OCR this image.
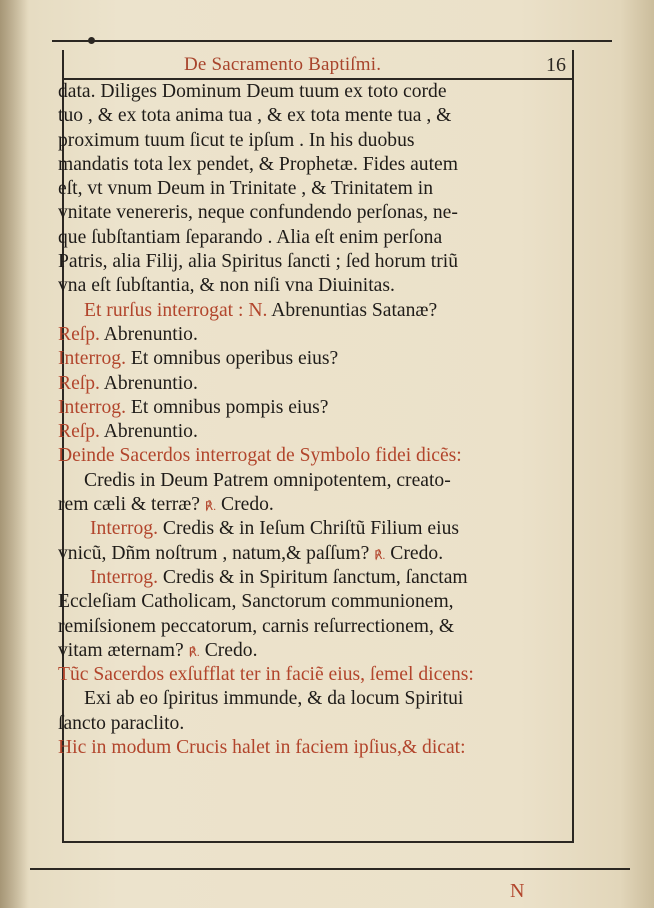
De Sacramento Baptiſmi.	16
data. Diliges Dominum Deum tuum ex toto corde
tuo , & ex tota anima tua , & ex tota mente tua , &
proximum tuum ſicut te ipſum . In his duobus
mandatis tota lex pendet, & Prophetæ. Fides autem
eſt, vt vnum Deum in Trinitate , & Trinitatem in
vnitate venereris, neque confundendo perſonas, ne-
que ſubſtantiam ſeparando . Alia eſt enim perſona
Patris, alia Filij, alia Spiritus ſancti ; ſed horum triũ
vna eſt ſubſtantia, & non niſi vna Diuinitas.
Et rurſus interrogat : N. Abrenuntias Satanæ?
Reſp. Abrenuntio.
Interrog. Et omnibus operibus eius?
Reſp. Abrenuntio.
Interrog. Et omnibus pompis eius?
Reſp. Abrenuntio.
Deinde Sacerdos interrogat de Symbolo fidei dicẽs:
Credis in Deum Patrem omnipotentem, creato-
rem cæli & terræ? ℟. Credo.
Interrog. Credis & in Ieſum Chriſtũ Filium eius
vnicũ, Dñm noſtrum , natum,& paſſum? ℟. Credo.
Interrog. Credis & in Spiritum ſanctum, ſanctam
Eccleſiam Catholicam, Sanctorum communionem,
remiſsionem peccatorum, carnis reſurrectionem, &
vitam æternam? ℟. Credo.
Tũc Sacerdos exſufflat ter in faciẽ eius, ſemel dicens:
Exi ab eo ſpiritus immunde, & da locum Spiritui
ſancto paraclito.
Hic in modum Crucis halet in faciem ipſius,& dicat:
N
